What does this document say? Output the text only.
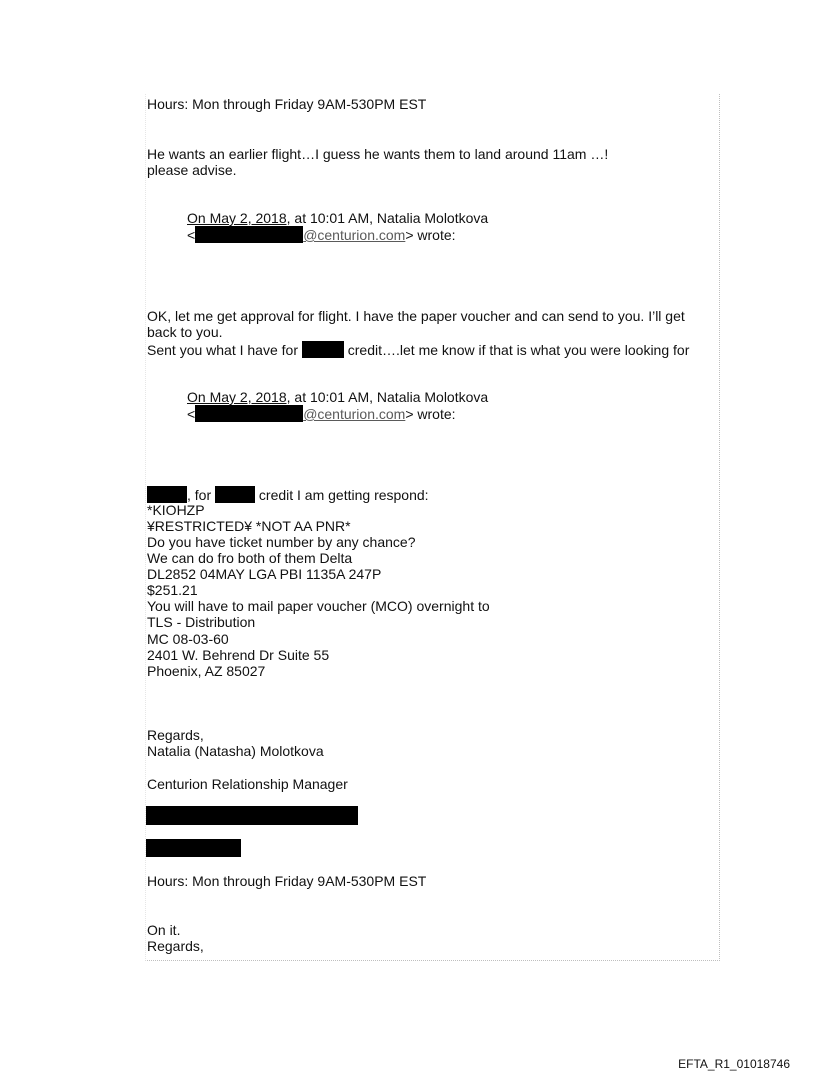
Hours: Mon through Friday 9AM-530PM EST
He wants an earlier flight…I guess he wants them to land around 11am …!
please advise.
On May 2, 2018, at 10:01 AM, Natalia Molotkova
<	@centurion.com> wrote:
OK, let me get approval for flight. I have the paper voucher and can send to you. I’ll get
back to you.
Sent you what I have for	credit….let me know if that is what you were looking for
On May 2, 2018, at 10:01 AM, Natalia Molotkova
<	@centurion.com> wrote:
, for	credit I am getting respond:
*KIOHZP
¥RESTRICTED¥ *NOT AA PNR*
Do you have ticket number by any chance?
We can do fro both of them Delta
DL2852 04MAY LGA PBI 1135A 247P
$251.21
You will have to mail paper voucher (MCO) overnight to
TLS - Distribution
MC 08-03-60
2401 W. Behrend Dr Suite 55
Phoenix, AZ 85027
Regards,
Natalia (Natasha) Molotkova
Centurion Relationship Manager
Hours: Mon through Friday 9AM-530PM EST
On it.
Regards,
EFTA_R1_01018746
